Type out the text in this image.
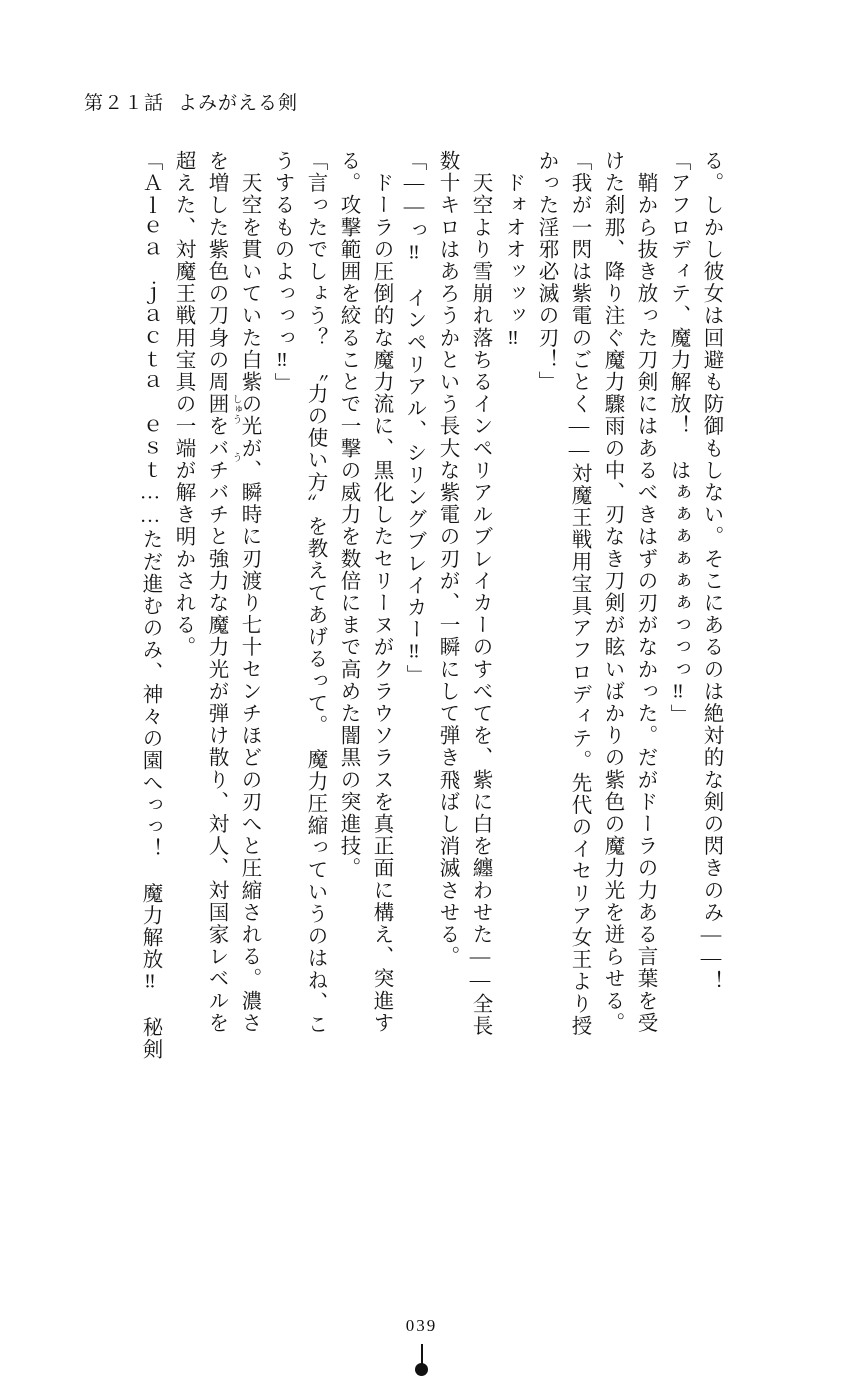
第２１話 よみがえる剣
る。しかし彼女は回避も防御もしない。そこにあるのは絶対的な剣の閃きのみ——！
「アフロディテ、魔力解放！　はぁぁぁぁぁぁっっっ‼」
　鞘から抜き放った刀剣にはあるべきはずの刃がなかった。だがドーラの力ある言葉を受
けた刹那、降り注ぐ魔力驟雨の中、刃なき刀剣が眩いばかりの紫色の魔力光を迸らせる。
「我が一閃は紫電のごとく——対魔王戦用宝具アフロディテ。先代のイセリア女王より授
かった淫邪必滅の刃！」
　ドォオオッッッ‼
　天空より雪崩れ落ちるインペリアルブレイカーのすべてを、紫に白を纏わせた——全長
数十キロはあろうかという長大な紫電の刃が、一瞬にして弾き飛ばし消滅させる。
「——っ‼　インペリアル、シリングブレイカー‼」
　ドーラの圧倒的な魔力流に、黒化したセリーヌがクラウソラスを真正面に構え、突進す
る。攻撃範囲を絞ることで一撃の威力を数倍にまで高めた闇黒の突進技。
「言ったでしょう？　〝力の使い方〟を教えてあげるって。　魔力圧縮っていうのはね、こ
うするものよっっっ‼」
　天空を貫いていた白紫の光が、瞬時に刃渡り七十センチほどの刃へと圧縮される。濃さ
を増した紫色の刀身の周囲をバチバチと強力な魔力光が弾け散り、対人、対国家レベルを
超えた、対魔王戦用宝具の一端が解き明かされる。
「Ａｌｅａ　ｊａｃｔａ　ｅｓｔ……ただ進むのみ、神々の園へっっ！　魔力解放‼　秘剣	しゅう
う
039
